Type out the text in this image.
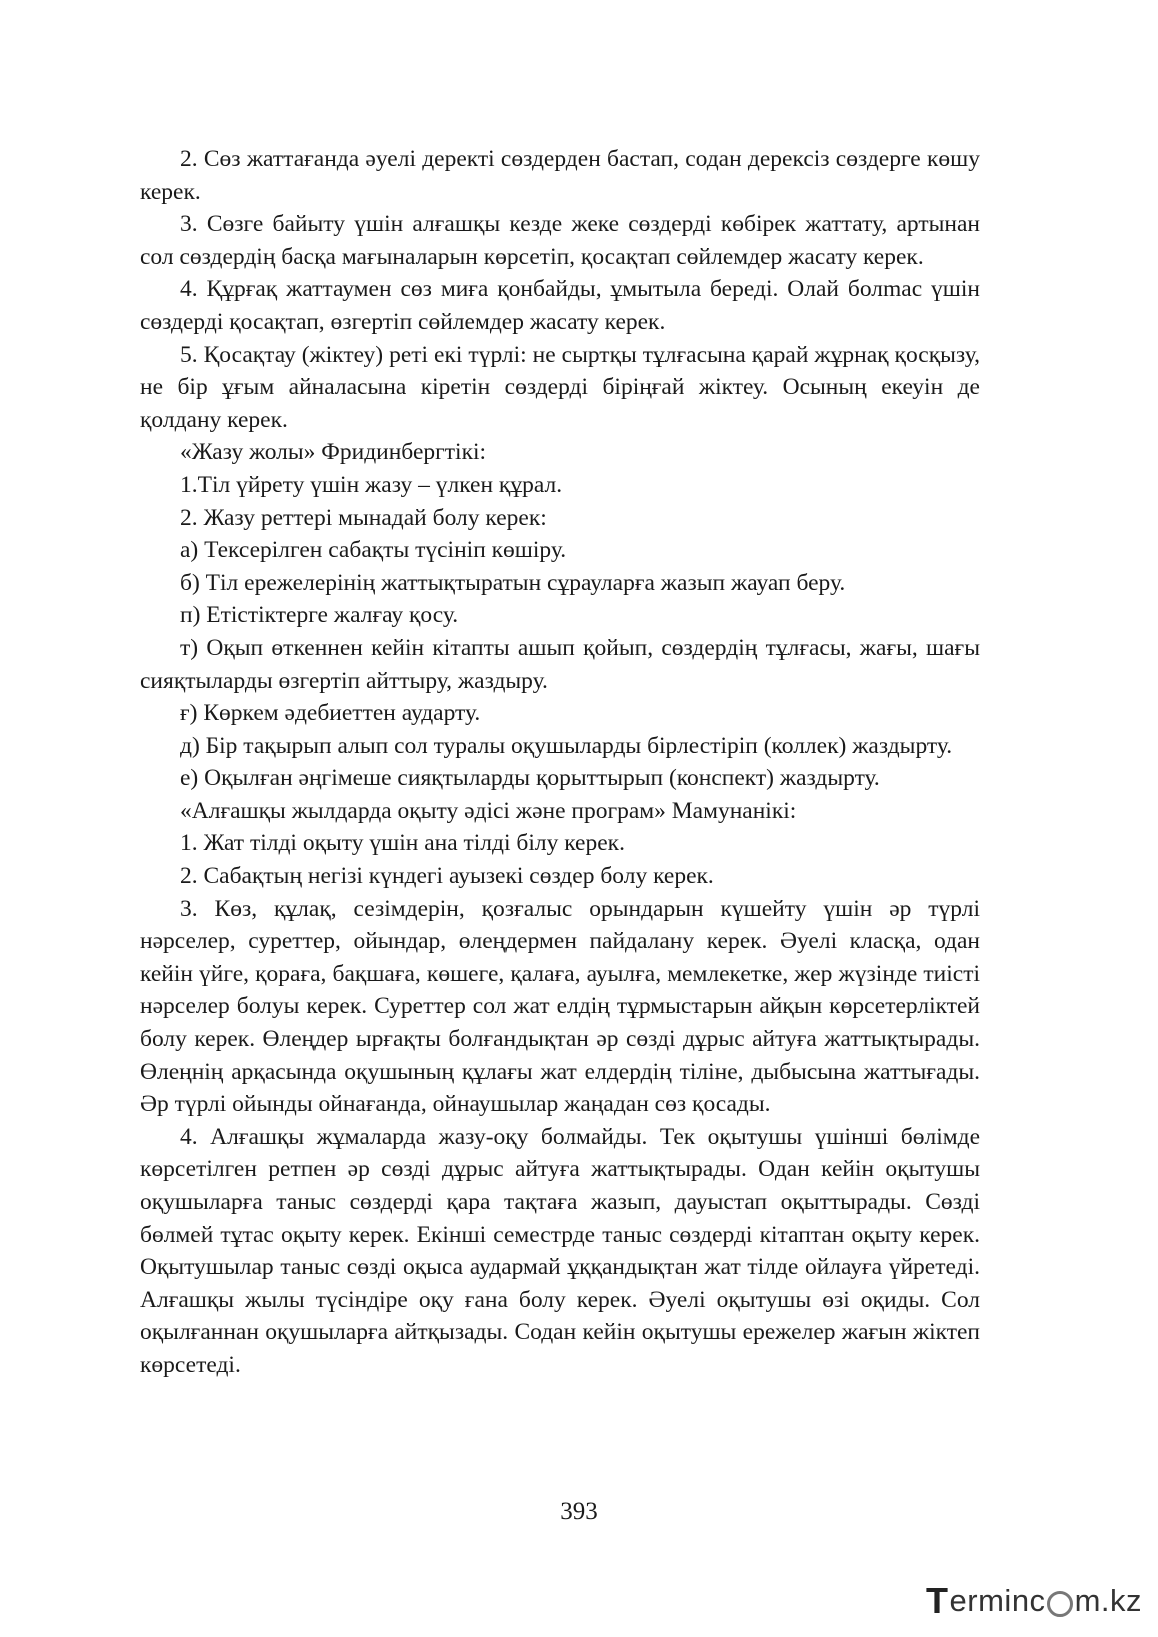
2. Сөз жаттағанда әуелі деректі сөздерден бастап, содан дерексіз сөздерге көшу керек.

3. Сөзге байыту үшін алғашқы кезде жеке сөздерді көбірек жаттату, артынан сол сөздердің басқа мағыналарын көрсетіп, қосақтап сөйлемдер жасату керек.

4. Құрғақ жаттаумен сөз миға қонбайды, ұмытыла береді. Олай болmас үшін сөздерді қосақтап, өзгертіп сөйлемдер жасату керек.

5. Қосақтау (жіктеу) реті екі түрлі: не сыртқы тұлғасына қарай жұрнақ қосқызу, не бір ұғым айналасына кіретін сөздерді біріңғай жіктеу. Осының екеуін де қолдану керек.

«Жазу жолы» Фридинбергтікі:

1.Тіл үйрету үшін жазу – үлкен құрал.

2. Жазу реттері мынадай болу керек:

а) Тексерілген сабақты түсініп көшіру.

б) Тіл ережелерінің жаттықтыратын сұрауларға жазып жауап беру.

п) Етістіктерге жалғау қосу.

т) Оқып өткеннен кейін кітапты ашып қойып, сөздердің тұлғасы, жағы, шағы сияқтыларды өзгертіп айттыру, жаздыру.

ғ) Көркем әдебиеттен аударту.

д) Бір тақырып алып сол туралы оқушыларды бірлестіріп (коллек) жаздырту.

е) Оқылған әңгімеше сияқтыларды қорыттырып (конспект) жаздырту.

«Алғашқы жылдарда оқыту әдісі және програм» Мамунанікі:

1. Жат тілді оқыту үшін ана тілді білу керек.

2. Сабақтың негізі күндегі ауызекі сөздер болу керек.

3. Көз, құлақ, сезімдерін, қозғалыс орындарын күшейту үшін әр түрлі нәрселер, суреттер, ойындар, өлеңдермен пайдалану керек. Әуелі класқа, одан кейін үйге, қораға, бақшаға, көшеге, қалаға, ауылға, мемлекетке, жер жүзінде тиісті нәрселер болуы керек. Суреттер сол жат елдің тұрмыстарын айқын көрсетерліктей болу керек. Өлеңдер ырғақты болғандықтан әр сөзді дұрыс айтуға жаттықтырады. Өлеңнің арқасында оқушының құлағы жат елдердің тіліне, дыбысына жаттығады. Әр түрлі ойынды ойнағанда, ойнаушылар жаңадан сөз қосады.

4. Алғашқы жұмаларда жазу-оқу болмайды. Тек оқытушы үшінші бөлімде көрсетілген ретпен әр сөзді дұрыс айтуға жаттықтырады. Одан кейін оқытушы оқушыларға таныс сөздерді қара тақтаға жазып, дауыстап оқыттырады. Сөзді бөлмей тұтас оқыту керек. Екінші семестрде таныс сөздерді кітаптан оқыту керек. Оқытушылар таныс сөзді оқыса аудармай ұққандықтан жат тілде ойлауға үйретеді. Алғашқы жылы түсіндіре оқу ғана болу керек. Әуелі оқытушы өзі оқиды. Сол оқылғаннан оқушыларға айтқызады. Содан кейін оқытушы ережелер жағын жіктеп көрсетеді.

393
T erminc m.kz
